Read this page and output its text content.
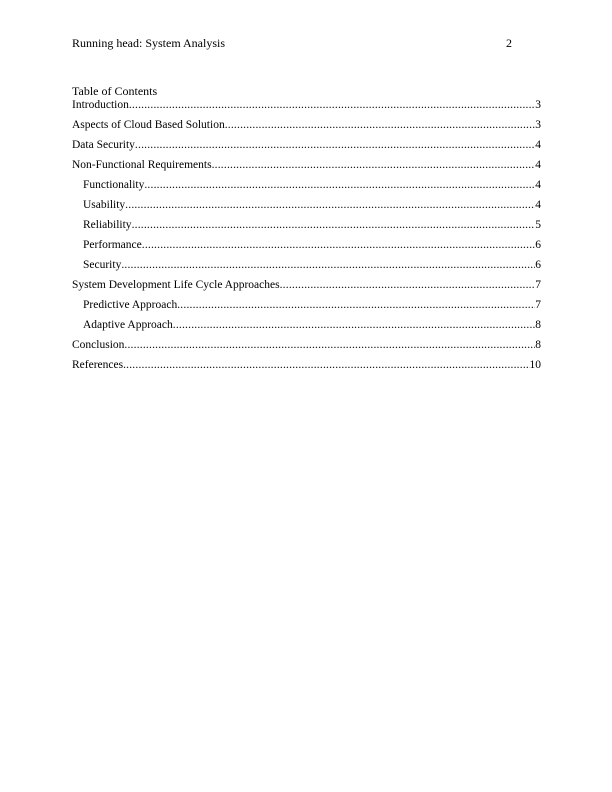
Running head: System Analysis	2
Table of Contents
Introduction .....	3
Aspects of Cloud Based Solution .....	3
Data Security .....	4
Non-Functional Requirements .....	4
Functionality .....	4
Usability .....	4
Reliability .....	5
Performance .....	6
Security .....	6
System Development Life Cycle Approaches .....	7
Predictive Approach .....	7
Adaptive Approach .....	8
Conclusion .....	8
References .....	10
